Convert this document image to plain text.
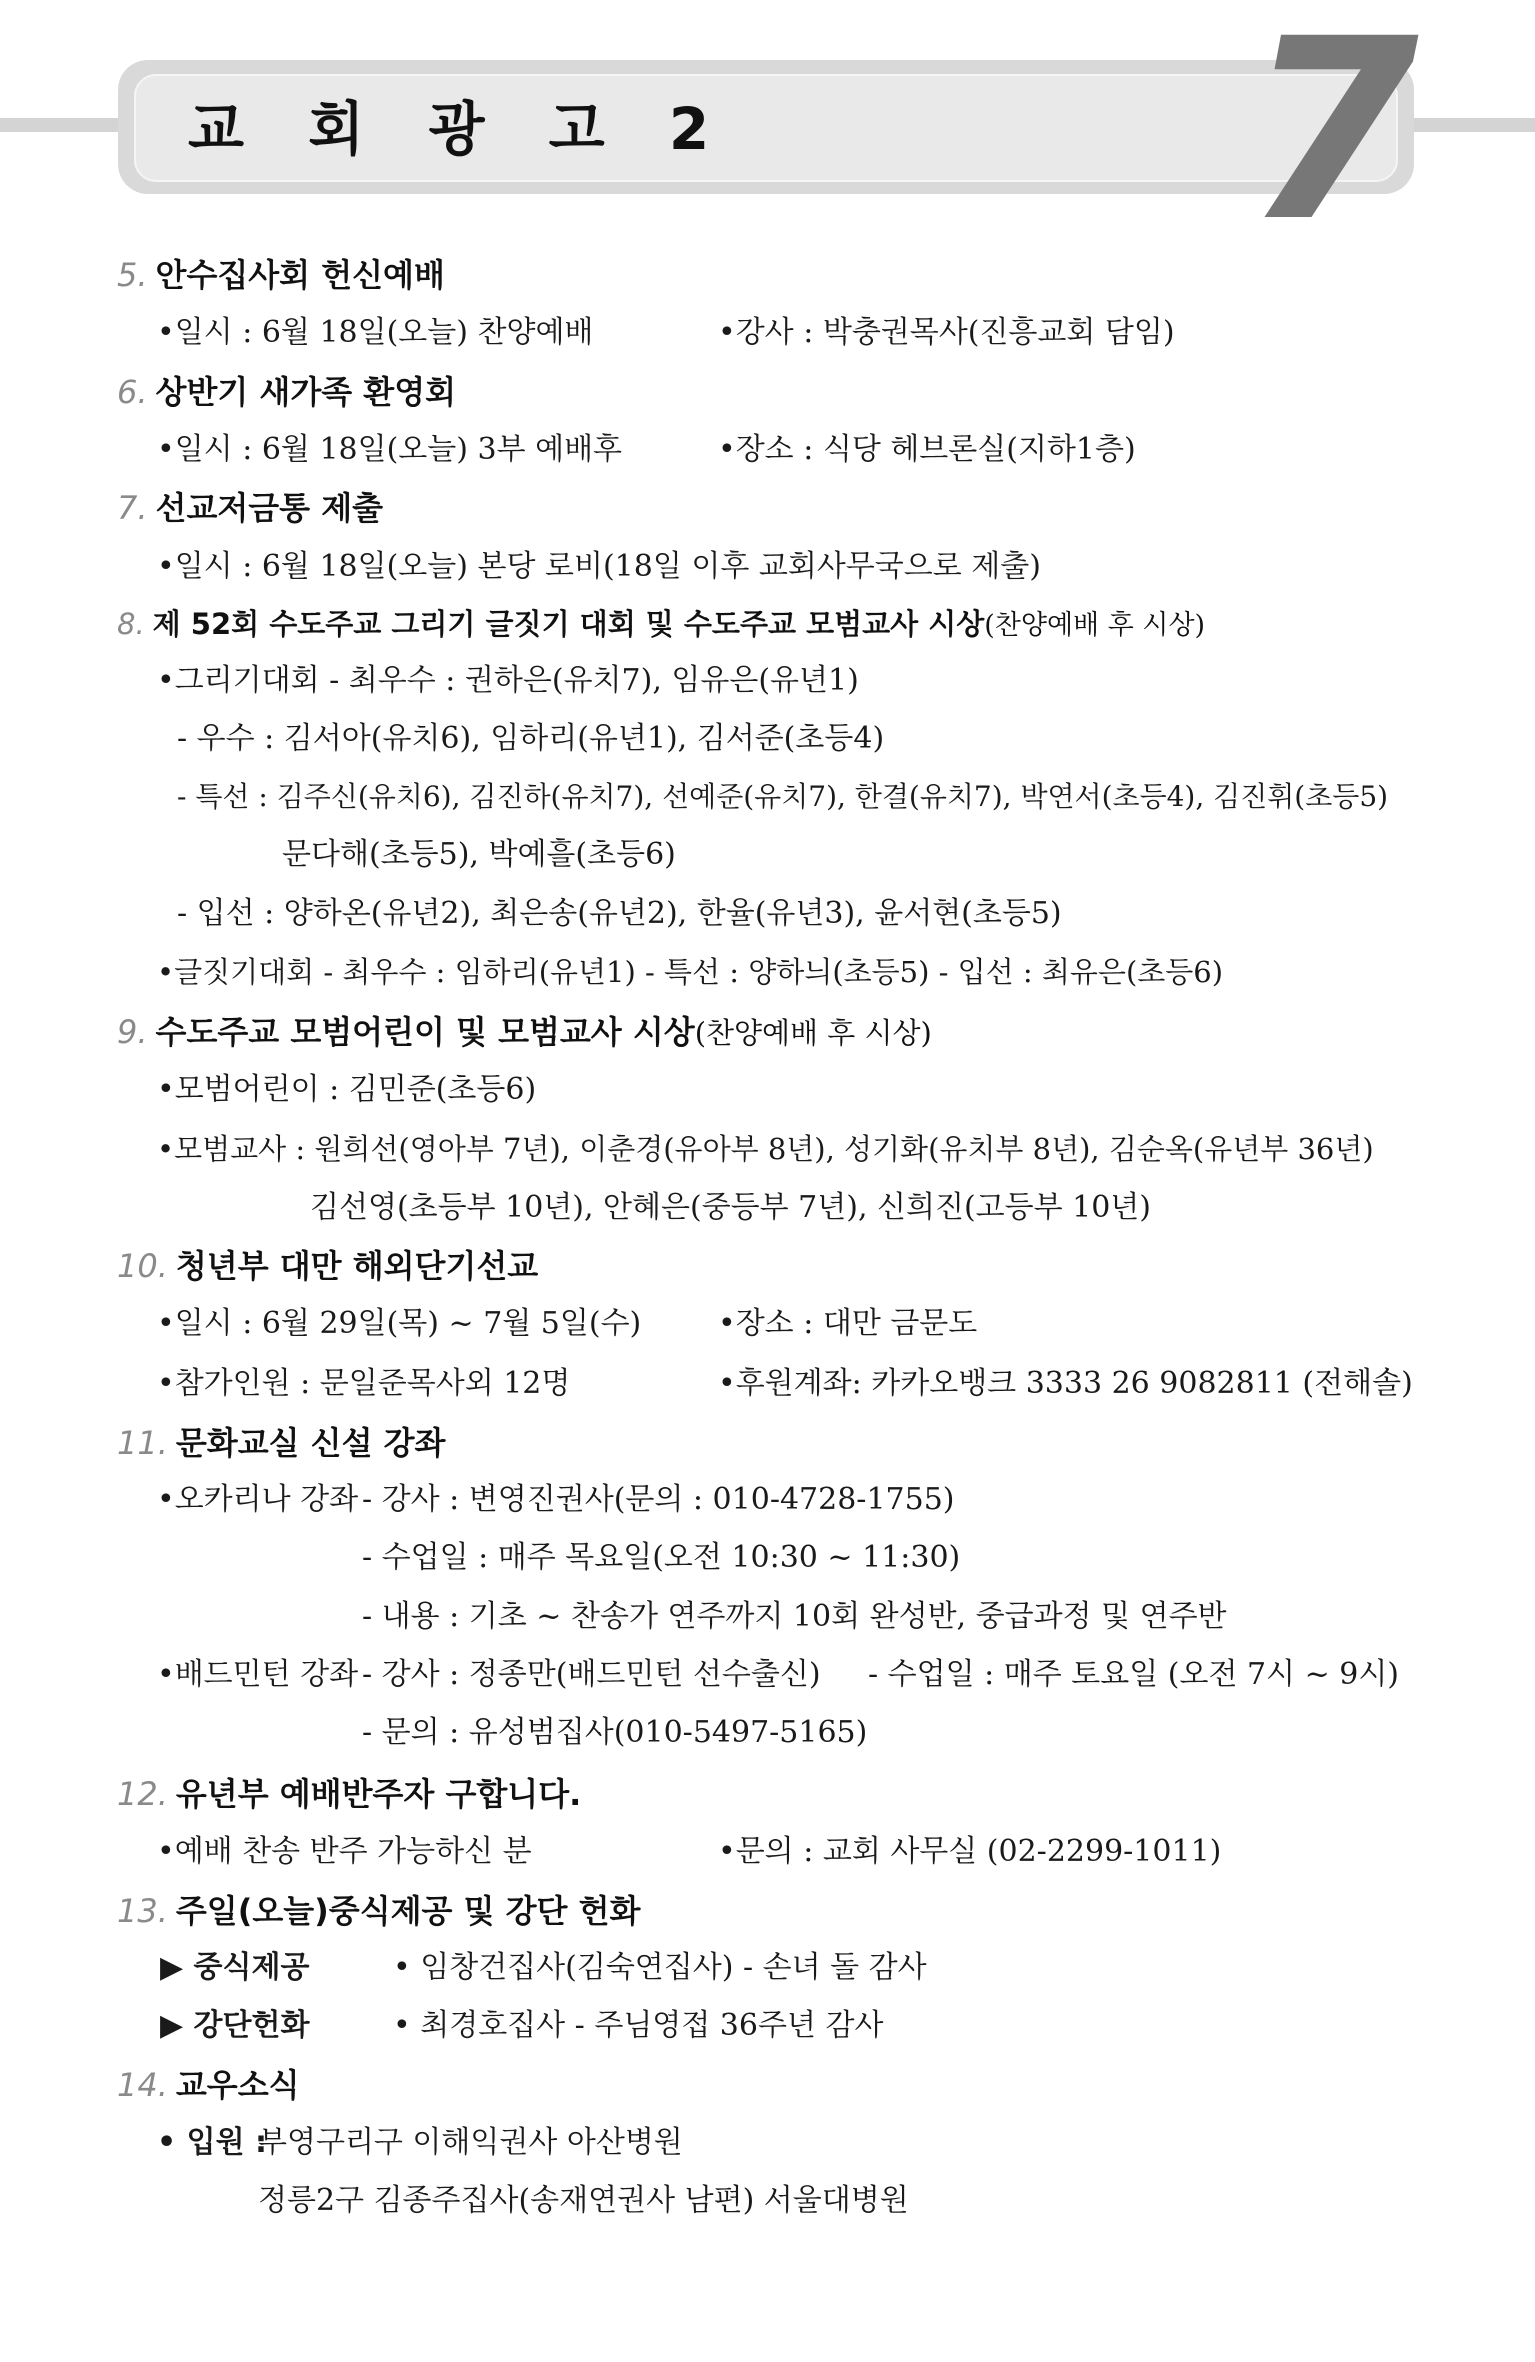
7
교 회 광 고 2
5. 안수집사회 헌신예배
•일시 : 6월 18일(오늘) 찬양예배	•강사 : 박충권목사(진흥교회 담임)
6. 상반기 새가족 환영회
•일시 : 6월 18일(오늘) 3부 예배후	•장소 : 식당 헤브론실(지하1층)
7. 선교저금통 제출
•일시 : 6월 18일(오늘) 본당 로비(18일 이후 교회사무국으로 제출)
8. 제 52회 수도주교 그리기 글짓기 대회 및 수도주교 모범교사 시상(찬양예배 후 시상)
•그리기대회 - 최우수 : 권하은(유치7), 임유은(유년1)
- 우수 : 김서아(유치6), 임하리(유년1), 김서준(초등4)
- 특선 : 김주신(유치6), 김진하(유치7), 선예준(유치7), 한결(유치7), 박연서(초등4), 김진휘(초등5)
문다해(초등5), 박예흘(초등6)
- 입선 : 양하온(유년2), 최은송(유년2), 한율(유년3), 윤서현(초등5)
•글짓기대회 - 최우수 : 임하리(유년1) - 특선 : 양하늬(초등5) - 입선 : 최유은(초등6)
9. 수도주교 모범어린이 및 모범교사 시상(찬양예배 후 시상)
•모범어린이 : 김민준(초등6)
•모범교사 : 원희선(영아부 7년), 이춘경(유아부 8년), 성기화(유치부 8년), 김순옥(유년부 36년)
김선영(초등부 10년), 안혜은(중등부 7년), 신희진(고등부 10년)
10. 청년부 대만 해외단기선교
•일시 : 6월 29일(목) ~ 7월 5일(수)	•장소 : 대만 금문도
•참가인원 : 문일준목사외 12명	•후원계좌: 카카오뱅크 3333 26 9082811 (전해솔)
11. 문화교실 신설 강좌
•오카리나 강좌 - 강사 : 변영진권사(문의 : 010-4728-1755)
- 수업일 : 매주 목요일(오전 10:30 ~ 11:30)
- 내용 : 기초 ~ 찬송가 연주까지 10회 완성반, 중급과정 및 연주반
•배드민턴 강좌 - 강사 : 정종만(배드민턴 선수출신) - 수업일 : 매주 토요일 (오전 7시 ~ 9시)
- 문의 : 유성범집사(010-5497-5165)
12. 유년부 예배반주자 구합니다.
•예배 찬송 반주 가능하신 분	•문의 : 교회 사무실 (02-2299-1011)
13. 주일(오늘)중식제공 및 강단 헌화
▶ 중식제공	• 임창건집사(김숙연집사) - 손녀 돌 감사
▶ 강단헌화	• 최경호집사 - 주님영접 36주년 감사
14. 교우소식
• 입원 :
부영구리구 이해익권사 아산병원
정릉2구 김종주집사(송재연권사 남편) 서울대병원
